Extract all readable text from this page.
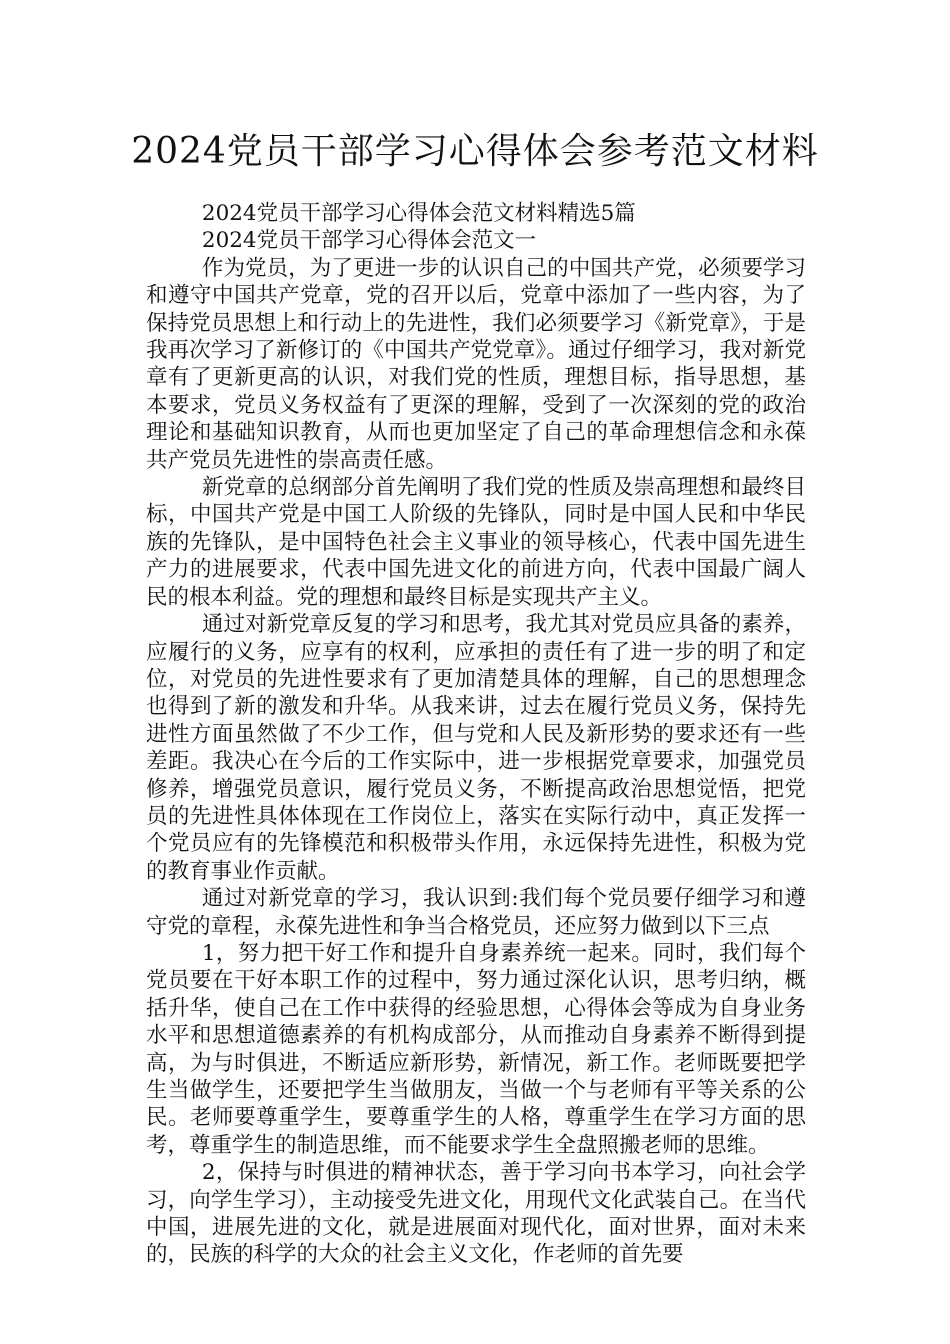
2024党员干部学习心得体会参考范文材料

2024党员干部学习心得体会范文材料精选5篇

2024党员干部学习心得体会范文一

作为党员，为了更进一步的认识自己的中国共产党，必须要学习和遵守中国共产党章，党的召开以后，党章中添加了一些内容，为了保持党员思想上和行动上的先进性，我们必须要学习《新党章》，于是我再次学习了新修订的《中国共产党党章》。通过仔细学习，我对新党章有了更新更高的认识，对我们党的性质，理想目标，指导思想，基本要求，党员义务权益有了更深的理解，受到了一次深刻的党的政治理论和基础知识教育，从而也更加坚定了自己的革命理想信念和永葆共产党员先进性的崇高责任感。

新党章的总纲部分首先阐明了我们党的性质及崇高理想和最终目标，中国共产党是中国工人阶级的先锋队，同时是中国人民和中华民族的先锋队，是中国特色社会主义事业的领导核心，代表中国先进生产力的进展要求，代表中国先进文化的前进方向，代表中国最广阔人民的根本利益。党的理想和最终目标是实现共产主义。

通过对新党章反复的学习和思考，我尤其对党员应具备的素养，应履行的义务，应享有的权利，应承担的责任有了进一步的明了和定位，对党员的先进性要求有了更加清楚具体的理解，自己的思想理念也得到了新的激发和升华。从我来讲，过去在履行党员义务，保持先进性方面虽然做了不少工作，但与党和人民及新形势的要求还有一些差距。我决心在今后的工作实际中，进一步根据党章要求，加强党员修养，增强党员意识，履行党员义务，不断提高政治思想觉悟，把党员的先进性具体体现在工作岗位上，落实在实际行动中，真正发挥一个党员应有的先锋模范和积极带头作用，永远保持先进性，积极为党的教育事业作贡献。

通过对新党章的学习，我认识到:我们每个党员要仔细学习和遵守党的章程，永葆先进性和争当合格党员，还应努力做到以下三点

1，努力把干好工作和提升自身素养统一起来。同时，我们每个党员要在干好本职工作的过程中，努力通过深化认识，思考归纳，概括升华，使自己在工作中获得的经验思想，心得体会等成为自身业务水平和思想道德素养的有机构成部分，从而推动自身素养不断得到提高，为与时俱进，不断适应新形势，新情况，新工作。老师既要把学生当做学生，还要把学生当做朋友，当做一个与老师有平等关系的公民。老师要尊重学生，要尊重学生的人格，尊重学生在学习方面的思考，尊重学生的制造思维，而不能要求学生全盘照搬老师的思维。

2，保持与时俱进的精神状态，善于学习向书本学习，向社会学习，向学生学习），主动接受先进文化，用现代文化武装自己。在当代中国，进展先进的文化，就是进展面对现代化，面对世界，面对未来的，民族的科学的大众的社会主义文化，作老师的首先要
